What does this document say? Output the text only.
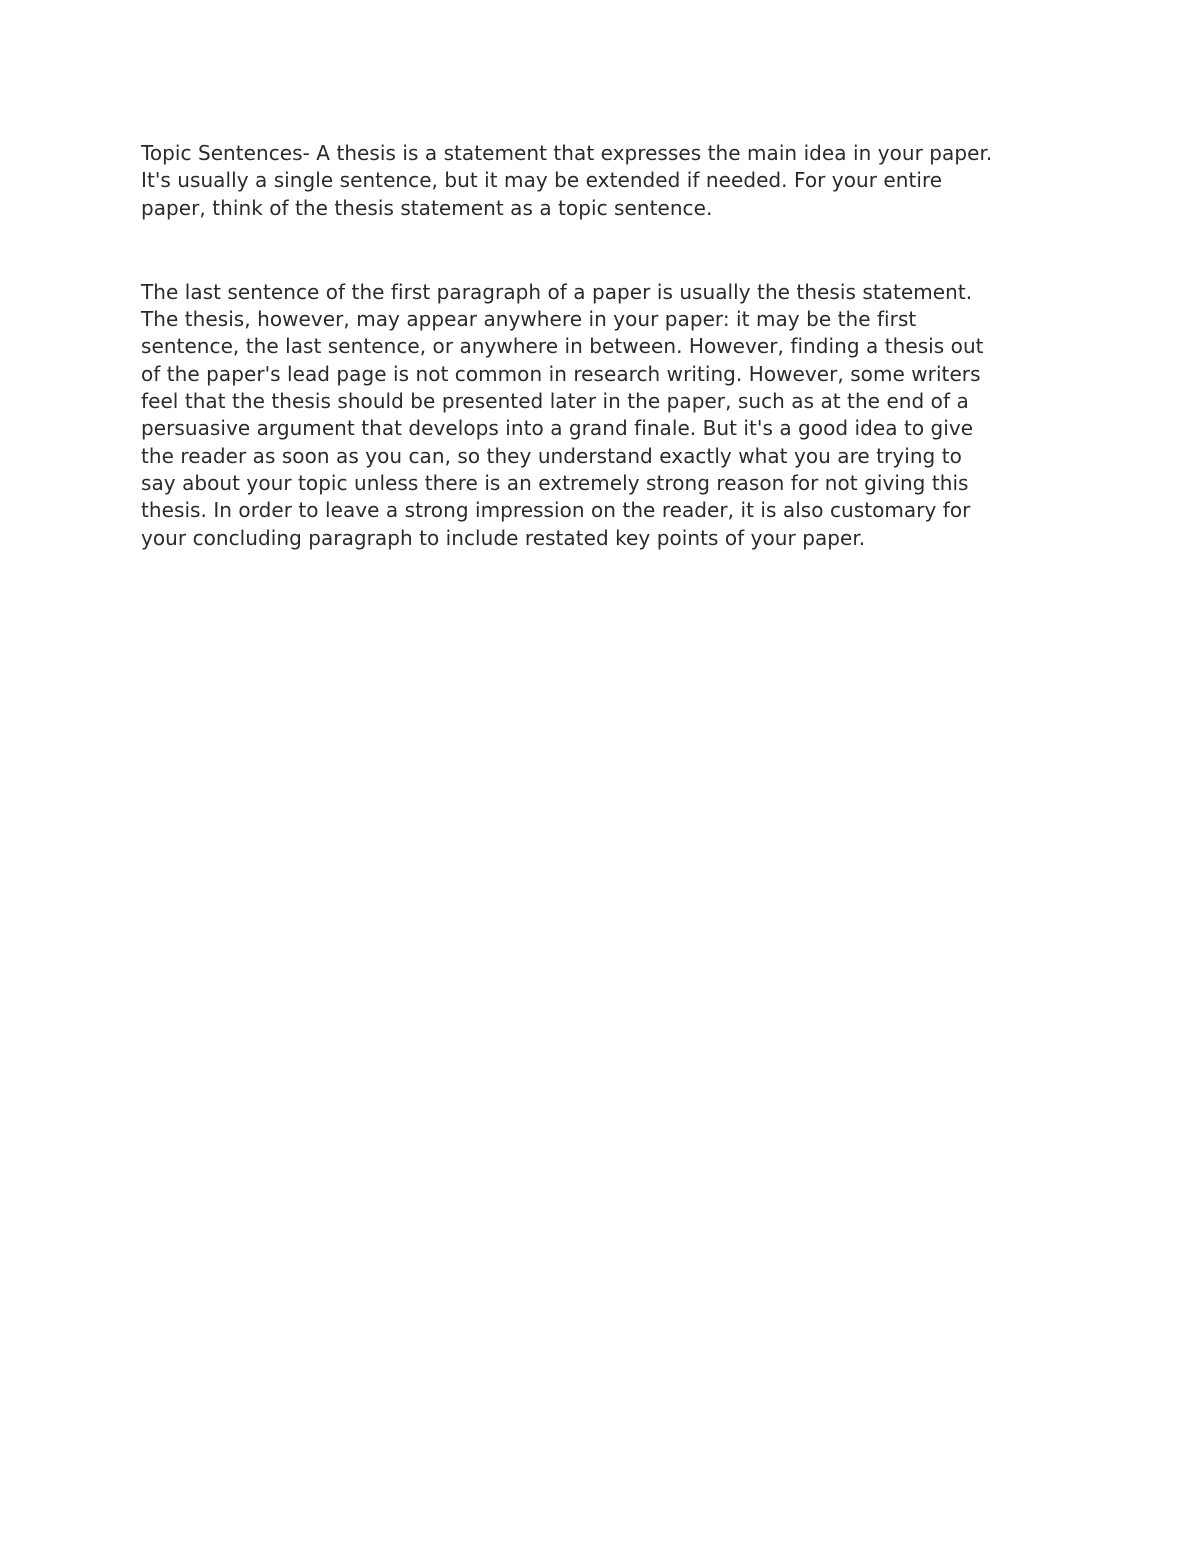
Topic Sentences- A thesis is a statement that expresses the main idea in your paper.
It's usually a single sentence, but it may be extended if needed. For your entire
paper, think of the thesis statement as a topic sentence.

The last sentence of the first paragraph of a paper is usually the thesis statement.
The thesis, however, may appear anywhere in your paper: it may be the first
sentence, the last sentence, or anywhere in between. However, finding a thesis out
of the paper's lead page is not common in research writing. However, some writers
feel that the thesis should be presented later in the paper, such as at the end of a
persuasive argument that develops into a grand finale. But it's a good idea to give
the reader as soon as you can, so they understand exactly what you are trying to
say about your topic unless there is an extremely strong reason for not giving this
thesis. In order to leave a strong impression on the reader, it is also customary for
your concluding paragraph to include restated key points of your paper.
